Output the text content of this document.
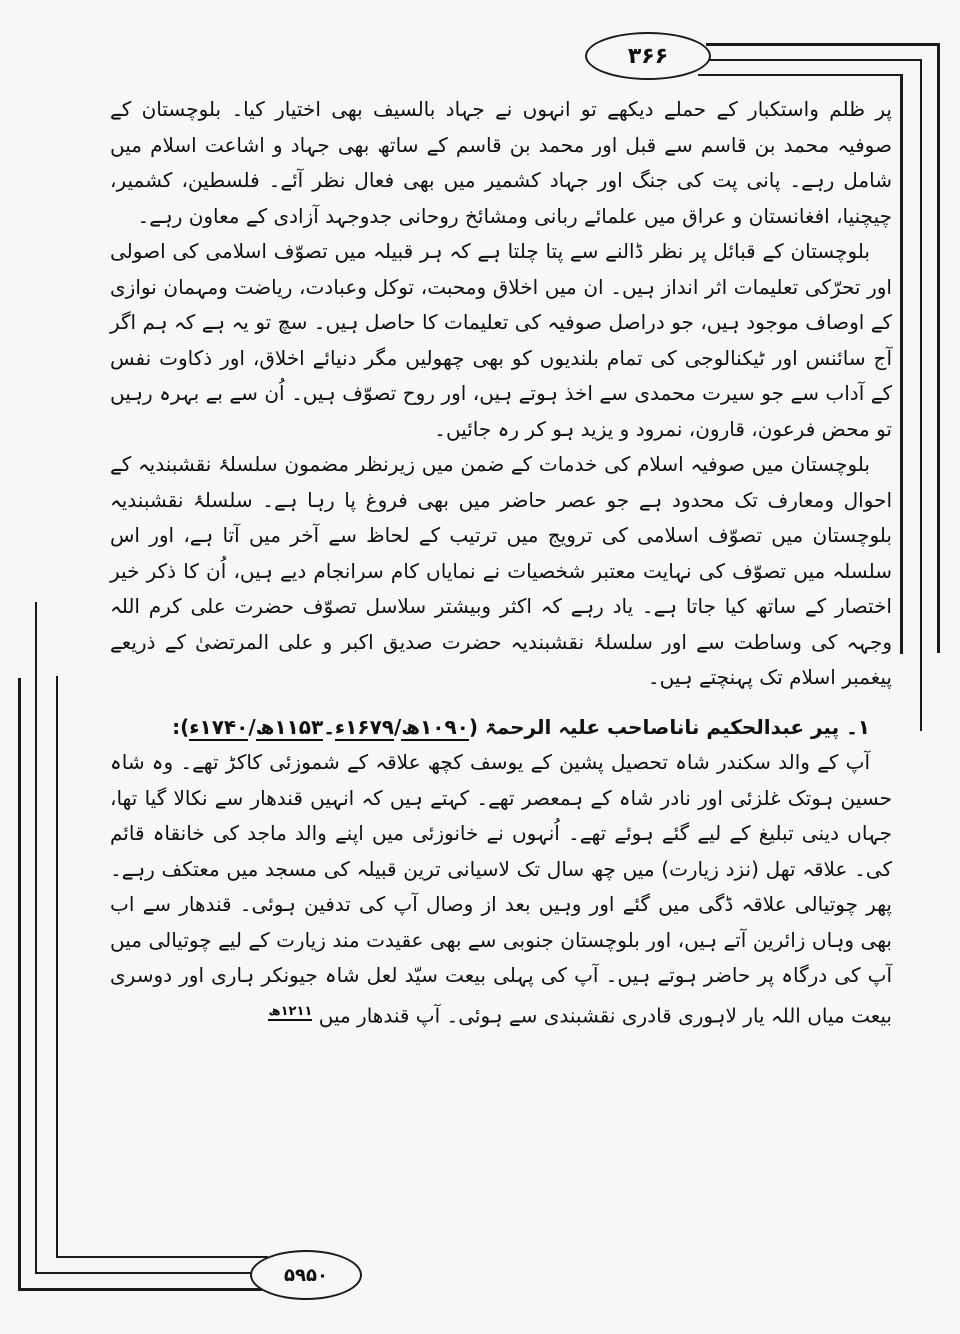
۳۶۶
۵۹۵۰

پر ظلم واستکبار کے حملے دیکھے تو انہوں نے جہاد بالسیف بھی اختیار کیا۔ بلوچستان کے صوفیہ محمد بن قاسم سے قبل اور محمد بن قاسم کے ساتھ بھی جہاد و اشاعت اسلام میں شامل رہے۔ پانی پت کی جنگ اور جہاد کشمیر میں بھی فعال نظر آئے۔ فلسطین، کشمیر، چیچنیا، افغانستان و عراق میں علمائے ربانی ومشائخ روحانی جدوجہد آزادی کے معاون رہے۔

بلوچستان کے قبائل پر نظر ڈالنے سے پتا چلتا ہے کہ ہر قبیلہ میں تصوّف اسلامی کی اصولی اور تحرّکی تعلیمات اثر انداز ہیں۔ ان میں اخلاق ومحبت، توکل وعبادت، ریاضت ومہمان نوازی کے اوصاف موجود ہیں، جو دراصل صوفیہ کی تعلیمات کا حاصل ہیں۔ سچ تو یہ ہے کہ ہم اگر آج سائنس اور ٹیکنالوجی کی تمام بلندیوں کو بھی چھولیں مگر دنیائے اخلاق، اور ذکاوت نفس کے آداب سے جو سیرت محمدی سے اخذ ہوتے ہیں، اور روح تصوّف ہیں۔ اُن سے بے بہرہ رہیں تو محض فرعون، قارون، نمرود و یزید ہو کر رہ جائیں۔

بلوچستان میں صوفیہ اسلام کی خدمات کے ضمن میں زیرنظر مضمون سلسلۂ نقشبندیہ کے احوال ومعارف تک محدود ہے جو عصر حاضر میں بھی فروغ پا رہا ہے۔ سلسلۂ نقشبندیہ بلوچستان میں تصوّف اسلامی کی ترویج میں ترتیب کے لحاظ سے آخر میں آتا ہے، اور اس سلسلہ میں تصوّف کی نہایت معتبر شخصیات نے نمایاں کام سرانجام دیے ہیں، اُن کا ذکر خیر اختصار کے ساتھ کیا جاتا ہے۔ یاد رہے کہ اکثر وبیشتر سلاسل تصوّف حضرت علی کرم اللہ وجہہ کی وساطت سے اور سلسلۂ نقشبندیہ حضرت صدیق اکبر و علی المرتضیٰ کے ذریعے پیغمبر اسلام تک پہنچتے ہیں۔

۱۔ پیر عبدالحکیم ناناصاحب علیہ الرحمۃ (۱۰۹۰ھ/۱۶۷۹ء۔۱۱۵۳ھ/۱۷۴۰ء):

آپ کے والد سکندر شاہ تحصیل پشین کے یوسف کچھ علاقہ کے شموزئی کاکڑ تھے۔ وہ شاہ حسین ہوتک غلزئی اور نادر شاہ کے ہمعصر تھے۔ کہتے ہیں کہ انہیں قندھار سے نکالا گیا تھا، جہاں دینی تبلیغ کے لیے گئے ہوئے تھے۔ اُنہوں نے خانوزئی میں اپنے والد ماجد کی خانقاہ قائم کی۔ علاقہ تھل (نزد زیارت) میں چھ سال تک لاسیانی ترین قبیلہ کی مسجد میں معتکف رہے۔ پھر چوتیالی علاقہ ڈگی میں گئے اور وہیں بعد از وصال آپ کی تدفین ہوئی۔ قندھار سے اب بھی وہاں زائرین آتے ہیں، اور بلوچستان جنوبی سے بھی عقیدت مند زیارت کے لیے چوتیالی میں آپ کی درگاہ پر حاضر ہوتے ہیں۔ آپ کی پہلی بیعت سیّد لعل شاہ جیونکر ہاری اور دوسری بیعت میاں اللہ یار لاہوری قادری نقشبندی سے ہوئی۔ آپ قندھار میں $^{۱۲۱۱ھ}$
